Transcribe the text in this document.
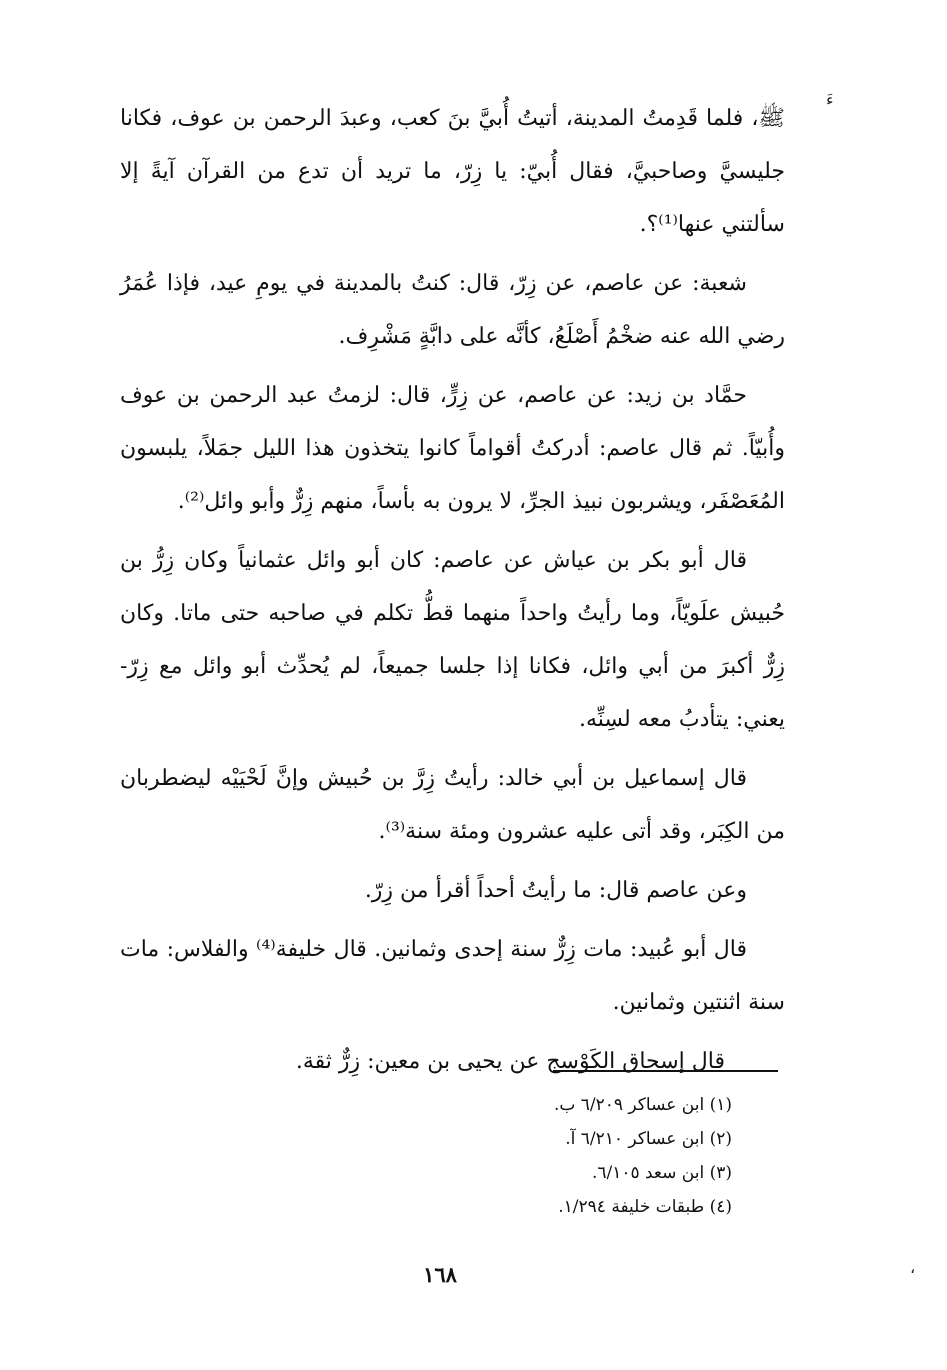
ءَ

ﷺ، فلما قَدِمتُ المدينة، أتيتُ أُبيَّ بنَ كعب، وعبدَ الرحمن بن عوف، فكانا جليسيَّ وصاحبيَّ، فقال أُبيّ: يا زِرّ، ما تريد أن تدع من القرآن آيةً إلا سألتني عنها⁽¹⁾؟.

شعبة: عن عاصم، عن زِرّ، قال: كنتُ بالمدينة في يومِ عيد، فإذا عُمَرُ رضي الله عنه ضخْمُ أَصْلَعُ، كأنَّه على دابَّةٍ مَشْرِف.

حمَّاد بن زيد: عن عاصم، عن زِرٍّ، قال: لزمتُ عبد الرحمن بن عوف وأُبيّاً. ثم قال عاصم: أدركتُ أقواماً كانوا يتخذون هذا الليل جمَلاً، يلبسون المُعَصْفَر، ويشربون نبيذ الجرِّ، لا يرون به بأساً، منهم زِرٌّ وأبو وائل⁽²⁾.

قال أبو بكر بن عياش عن عاصم: كان أبو وائل عثمانياً وكان زِرُّ بن حُبيش علَويّاً، وما رأيتُ واحداً منهما قطُّ تكلم في صاحبه حتى ماتا. وكان زِرٌّ أكبرَ من أبي وائل، فكانا إذا جلسا جميعاً، لم يُحدِّث أبو وائل مع زِرّ-يعني: يتأدبُ معه لسِنِّه.

قال إسماعيل بن أبي خالد: رأيتُ زِرَّ بن حُبيش وإنَّ لَحْيَيْه ليضطربان من الكِبَر، وقد أتى عليه عشرون ومئة سنة⁽³⁾.

وعن عاصم قال: ما رأيتُ أحداً أقرأ من زِرّ.

قال أبو عُبيد: مات زِرٌّ سنة إحدى وثمانين. قال خليفة⁽⁴⁾ والفلاس: مات سنة اثنتين وثمانين.

قال إسحاق الكَوْسج عن يحيى بن معين: زِرٌّ ثقة.

(١) ابن عساكر ٦/٢٠٩ ب.

(٢) ابن عساكر ٦/٢١٠ آ.

(٣) ابن سعد ٦/١٠٥.

(٤) طبقات خليفة ١/٢٩٤.

١٦٨	،
